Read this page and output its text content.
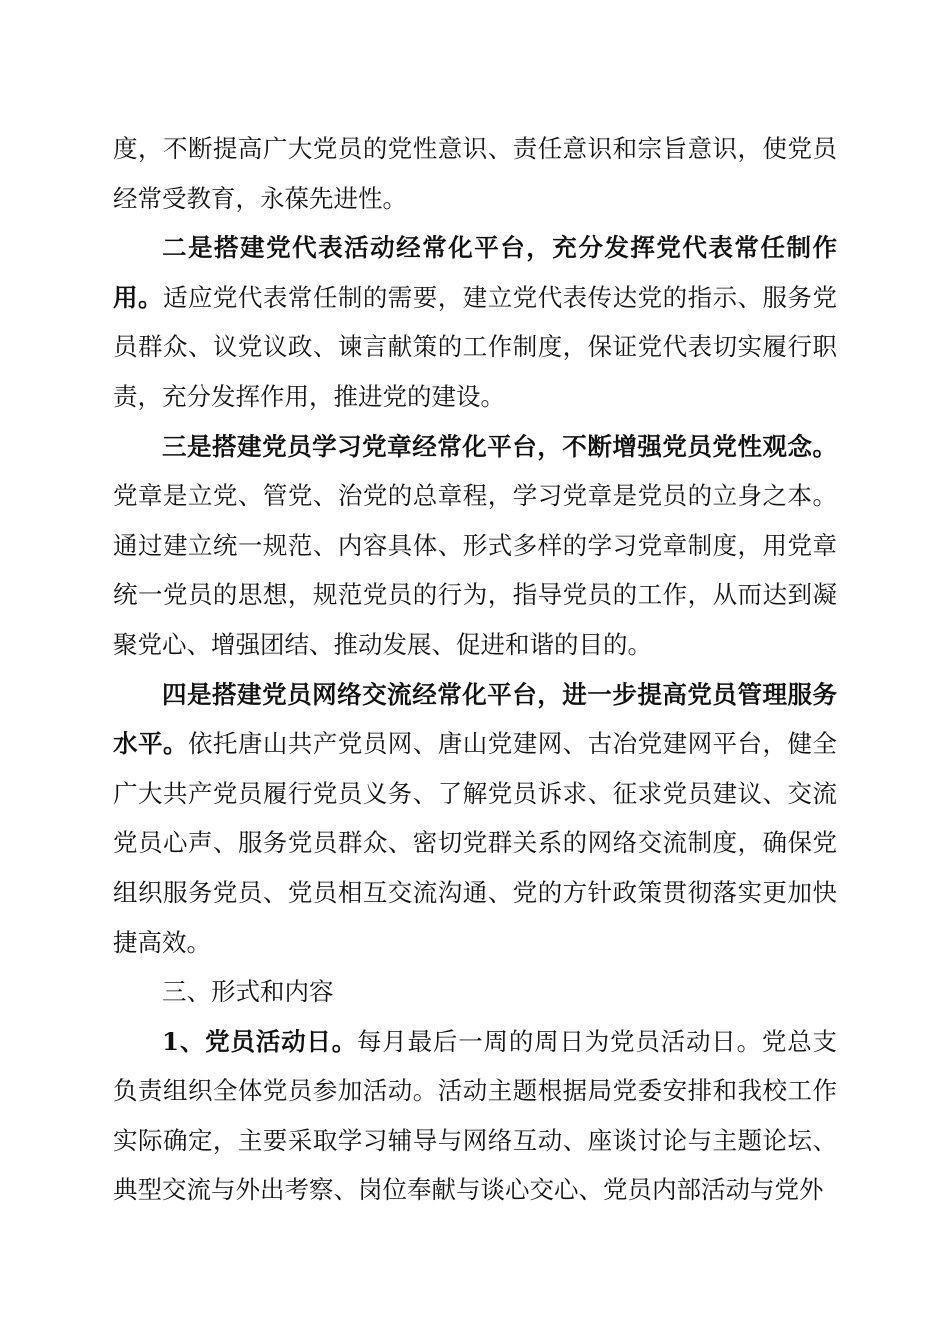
度，不断提高广大党员的党性意识、责任意识和宗旨意识，使党员经常受教育，永葆先进性。

二是搭建党代表活动经常化平台，充分发挥党代表常任制作用。适应党代表常任制的需要，建立党代表传达党的指示、服务党员群众、议党议政、谏言献策的工作制度，保证党代表切实履行职责，充分发挥作用，推进党的建设。

三是搭建党员学习党章经常化平台，不断增强党员党性观念。党章是立党、管党、治党的总章程，学习党章是党员的立身之本。通过建立统一规范、内容具体、形式多样的学习党章制度，用党章统一党员的思想，规范党员的行为，指导党员的工作，从而达到凝聚党心、增强团结、推动发展、促进和谐的目的。

四是搭建党员网络交流经常化平台，进一步提高党员管理服务水平。依托唐山共产党员网、唐山党建网、古冶党建网平台，健全广大共产党员履行党员义务、了解党员诉求、征求党员建议、交流党员心声、服务党员群众、密切党群关系的网络交流制度，确保党组织服务党员、党员相互交流沟通、党的方针政策贯彻落实更加快捷高效。

三、形式和内容

1、党员活动日。每月最后一周的周日为党员活动日。党总支负责组织全体党员参加活动。活动主题根据局党委安排和我校工作实际确定，主要采取学习辅导与网络互动、座谈讨论与主题论坛、典型交流与外出考察、岗位奉献与谈心交心、党员内部活动与党外
